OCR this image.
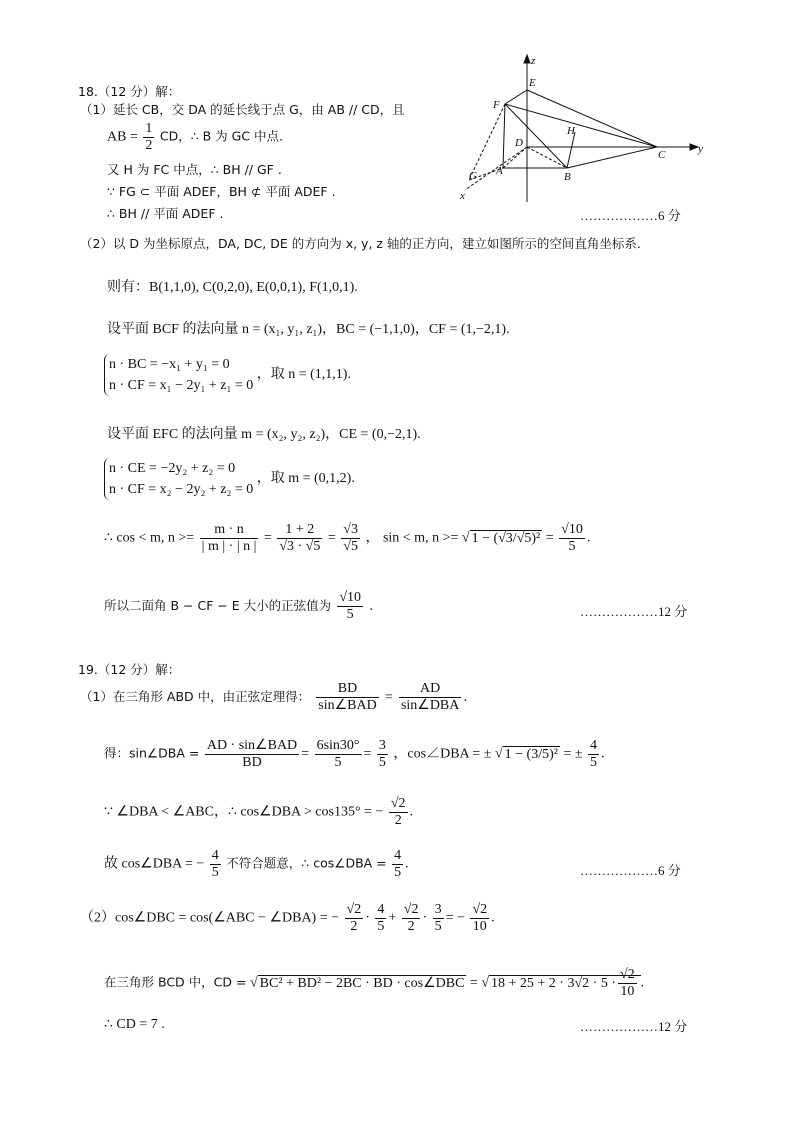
18.（12 分）解：
（1）延长 CB，交 DA 的延长线于点 G，由 AB // CD，且
AB = $\frac{1}{2}$ CD，∴ B 为 GC 中点.
又 H 为 FC 中点，∴ BH // GF .
∵ FG ⊂ 平面 ADEF，BH ⊄ 平面 ADEF .
∴ BH // 平面 ADEF .	………………6 分
z
E
F
H
D
C	y
A	B
G
x
（2）以 D 为坐标原点，DA, DC, DE 的方向为 x, y, z 轴的正方向，建立如图所示的空间直角坐标系.
则有：B(1,1,0), C(0,2,0), E(0,0,1), F(1,0,1).
设平面 BCF 的法向量 n = (x₁, y₁, z₁)，BC = (−1,1,0)，CF = (1,−2,1).
n · BC = −x₁ + y₁ = 0
n · CF = x₁ − 2y₁ + z₁ = 0
，取 n = (1,1,1).
设平面 EFC 的法向量 m = (x₂, y₂, z₂)，CE = (0,−2,1).
n · CE = −2y₂ + z₂ = 0
n · CF = x₂ − 2y₂ + z₂ = 0
，取 m = (0,1,2).
∴ cos < m, $n >= \frac{m \cdot n}{| m | \cdot | n |} = \frac{1 + 2}{√3 \cdot √5} = \frac{√3}{√5}$ ， sin < m, n >= √ $1 - (√3/√5)^2 = \frac{√10}{5}$ .
所以二面角 B − CF − E 大小的正弦值为 $\frac{√10}{5}$ .	………………12 分
19.（12 分）解：
（1）在三角形 ABD 中，由正弦定理得： $\frac{BD}{\text{sin∠BAD}} = \frac{AD}{\text{sin∠DBA}}$ .
得：sin∠DBA = $\frac{\text{AD · sin∠BAD}}{BD} = \frac{6\sin 30^\circ}{5} = \frac{3}{5}$ ，cos∠DBA = ± √ 1 − (3/5)² = ± $\frac{4}{5}$ .
∵ ∠DBA < ∠ABC，∴ cos∠DBA > cos135° = − $\frac{√2}{2}$ .
故 cos∠DBA = − $\frac{4}{5}$ 不符合题意，∴ cos∠DBA = $\frac{4}{5}$ .	………………6 分
（2）cos∠DBC = cos(∠ABC − ∠DBA) = − $\frac{√2}{2} \cdot \frac{4}{5} + \frac{√2}{2} \cdot \frac{3}{5}$ = − $\frac{√2}{10}$ .
在三角形 BCD 中，CD = √ BC² + BD² − 2BC · BD · cos∠DBC = √ $18 + 25 + 2 \cdot 3√2 \cdot 5 \cdot \frac{√2}{10}$ .
∴ CD = 7 .	………………12 分
